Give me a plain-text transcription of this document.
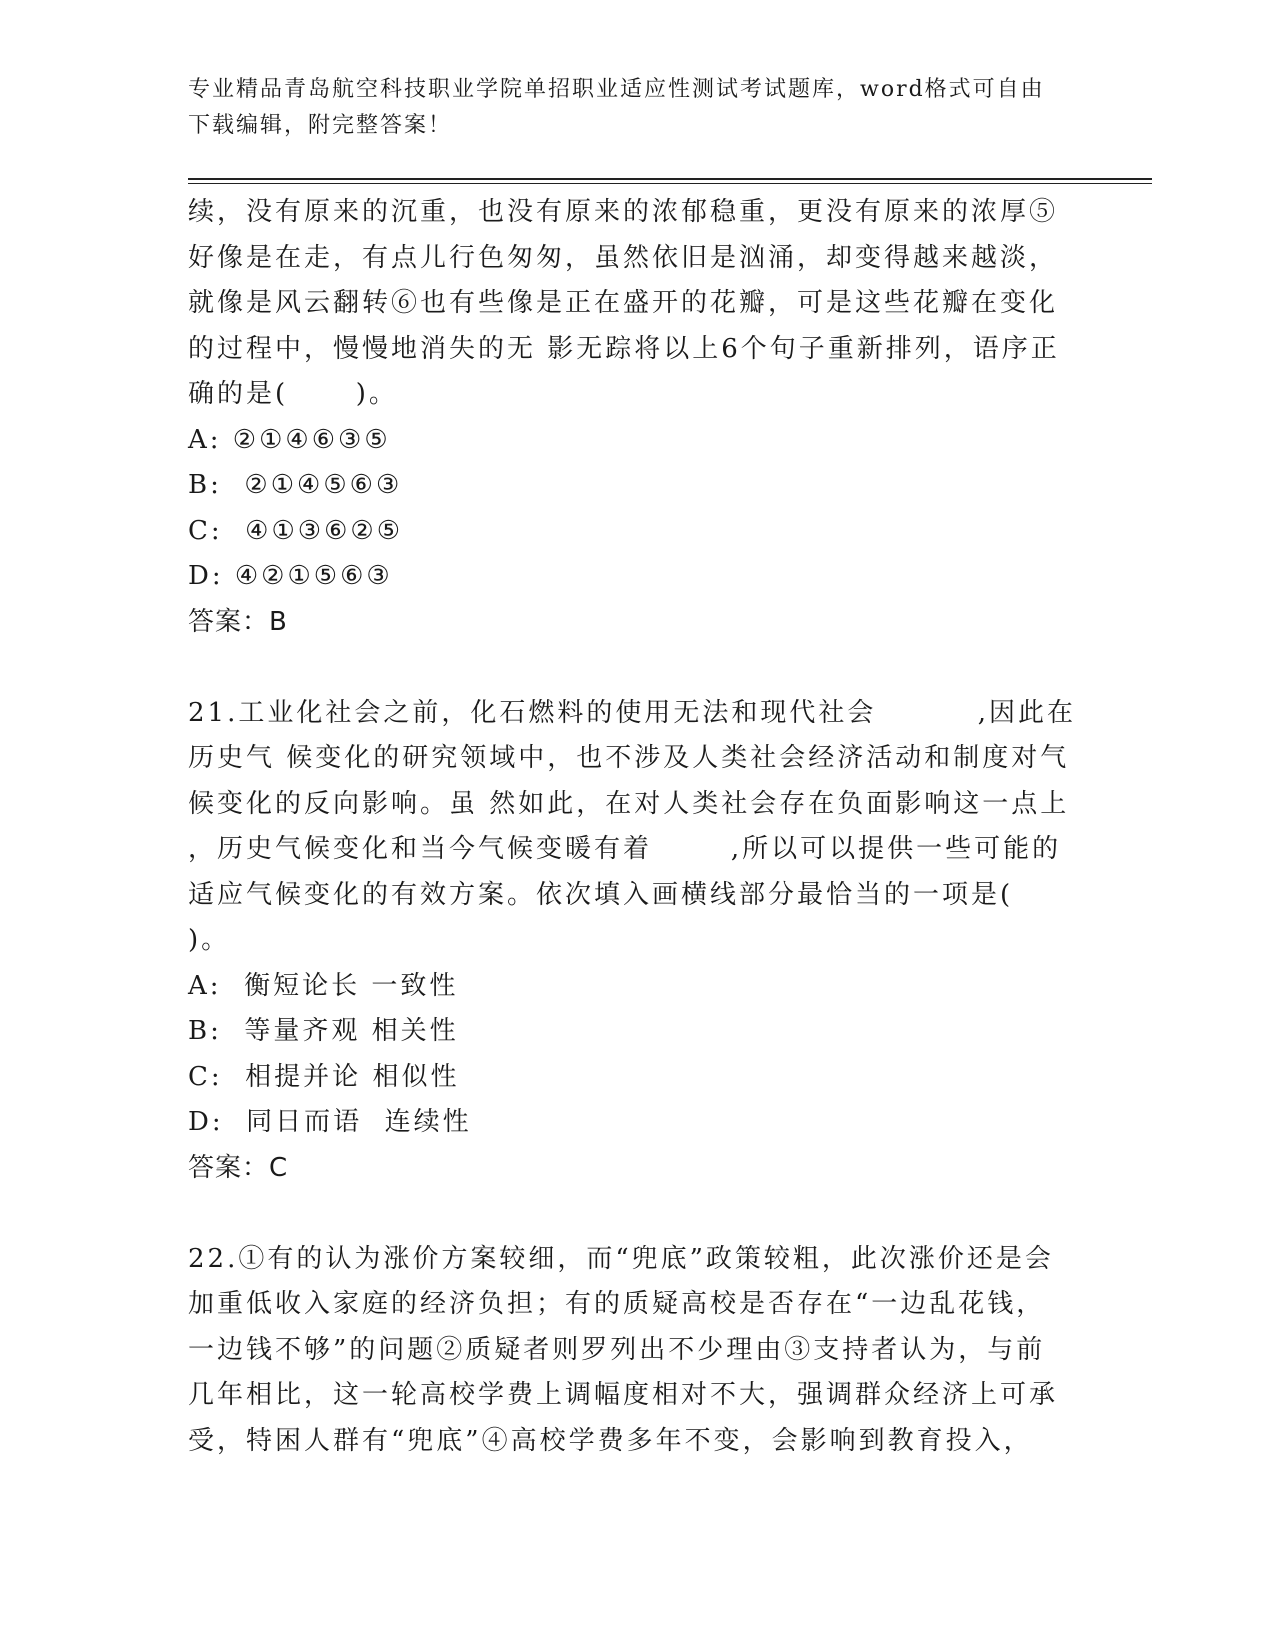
专业精品青岛航空科技职业学院单招职业适应性测试考试题库，word格式可自由
下载编辑，附完整答案！
续，没有原来的沉重，也没有原来的浓郁稳重，更没有原来的浓厚⑤
好像是在走，有点儿行色匆匆，虽然依旧是汹涌，却变得越来越淡，
就像是风云翻转⑥也有些像是正在盛开的花瓣，可是这些花瓣在变化
的过程中，慢慢地消失的无 影无踪将以上6个句子重新排列，语序正
确的是(      )。
A: ②①④⑥③⑤
B:  ②①④⑤⑥③
C:  ④①③⑥②⑤
D: ④②①⑤⑥③
答案：B
21.工业化社会之前，化石燃料的使用无法和现代社会         ,因此在
历史气 候变化的研究领域中，也不涉及人类社会经济活动和制度对气
候变化的反向影响。虽 然如此，在对人类社会存在负面影响这一点上
，历史气候变化和当今气候变暖有着       ,所以可以提供一些可能的
适应气候变化的有效方案。依次填入画横线部分最恰当的一项是(
)。
A:  衡短论长 一致性
B:  等量齐观 相关性
C:  相提并论 相似性
D:  同日而语  连续性
答案：C
22.①有的认为涨价方案较细，而“兜底”政策较粗，此次涨价还是会
加重低收入家庭的经济负担；有的质疑高校是否存在“一边乱花钱，
一边钱不够”的问题②质疑者则罗列出不少理由③支持者认为，与前
几年相比，这一轮高校学费上调幅度相对不大，强调群众经济上可承
受，特困人群有“兜底”④高校学费多年不变，会影响到教育投入，
